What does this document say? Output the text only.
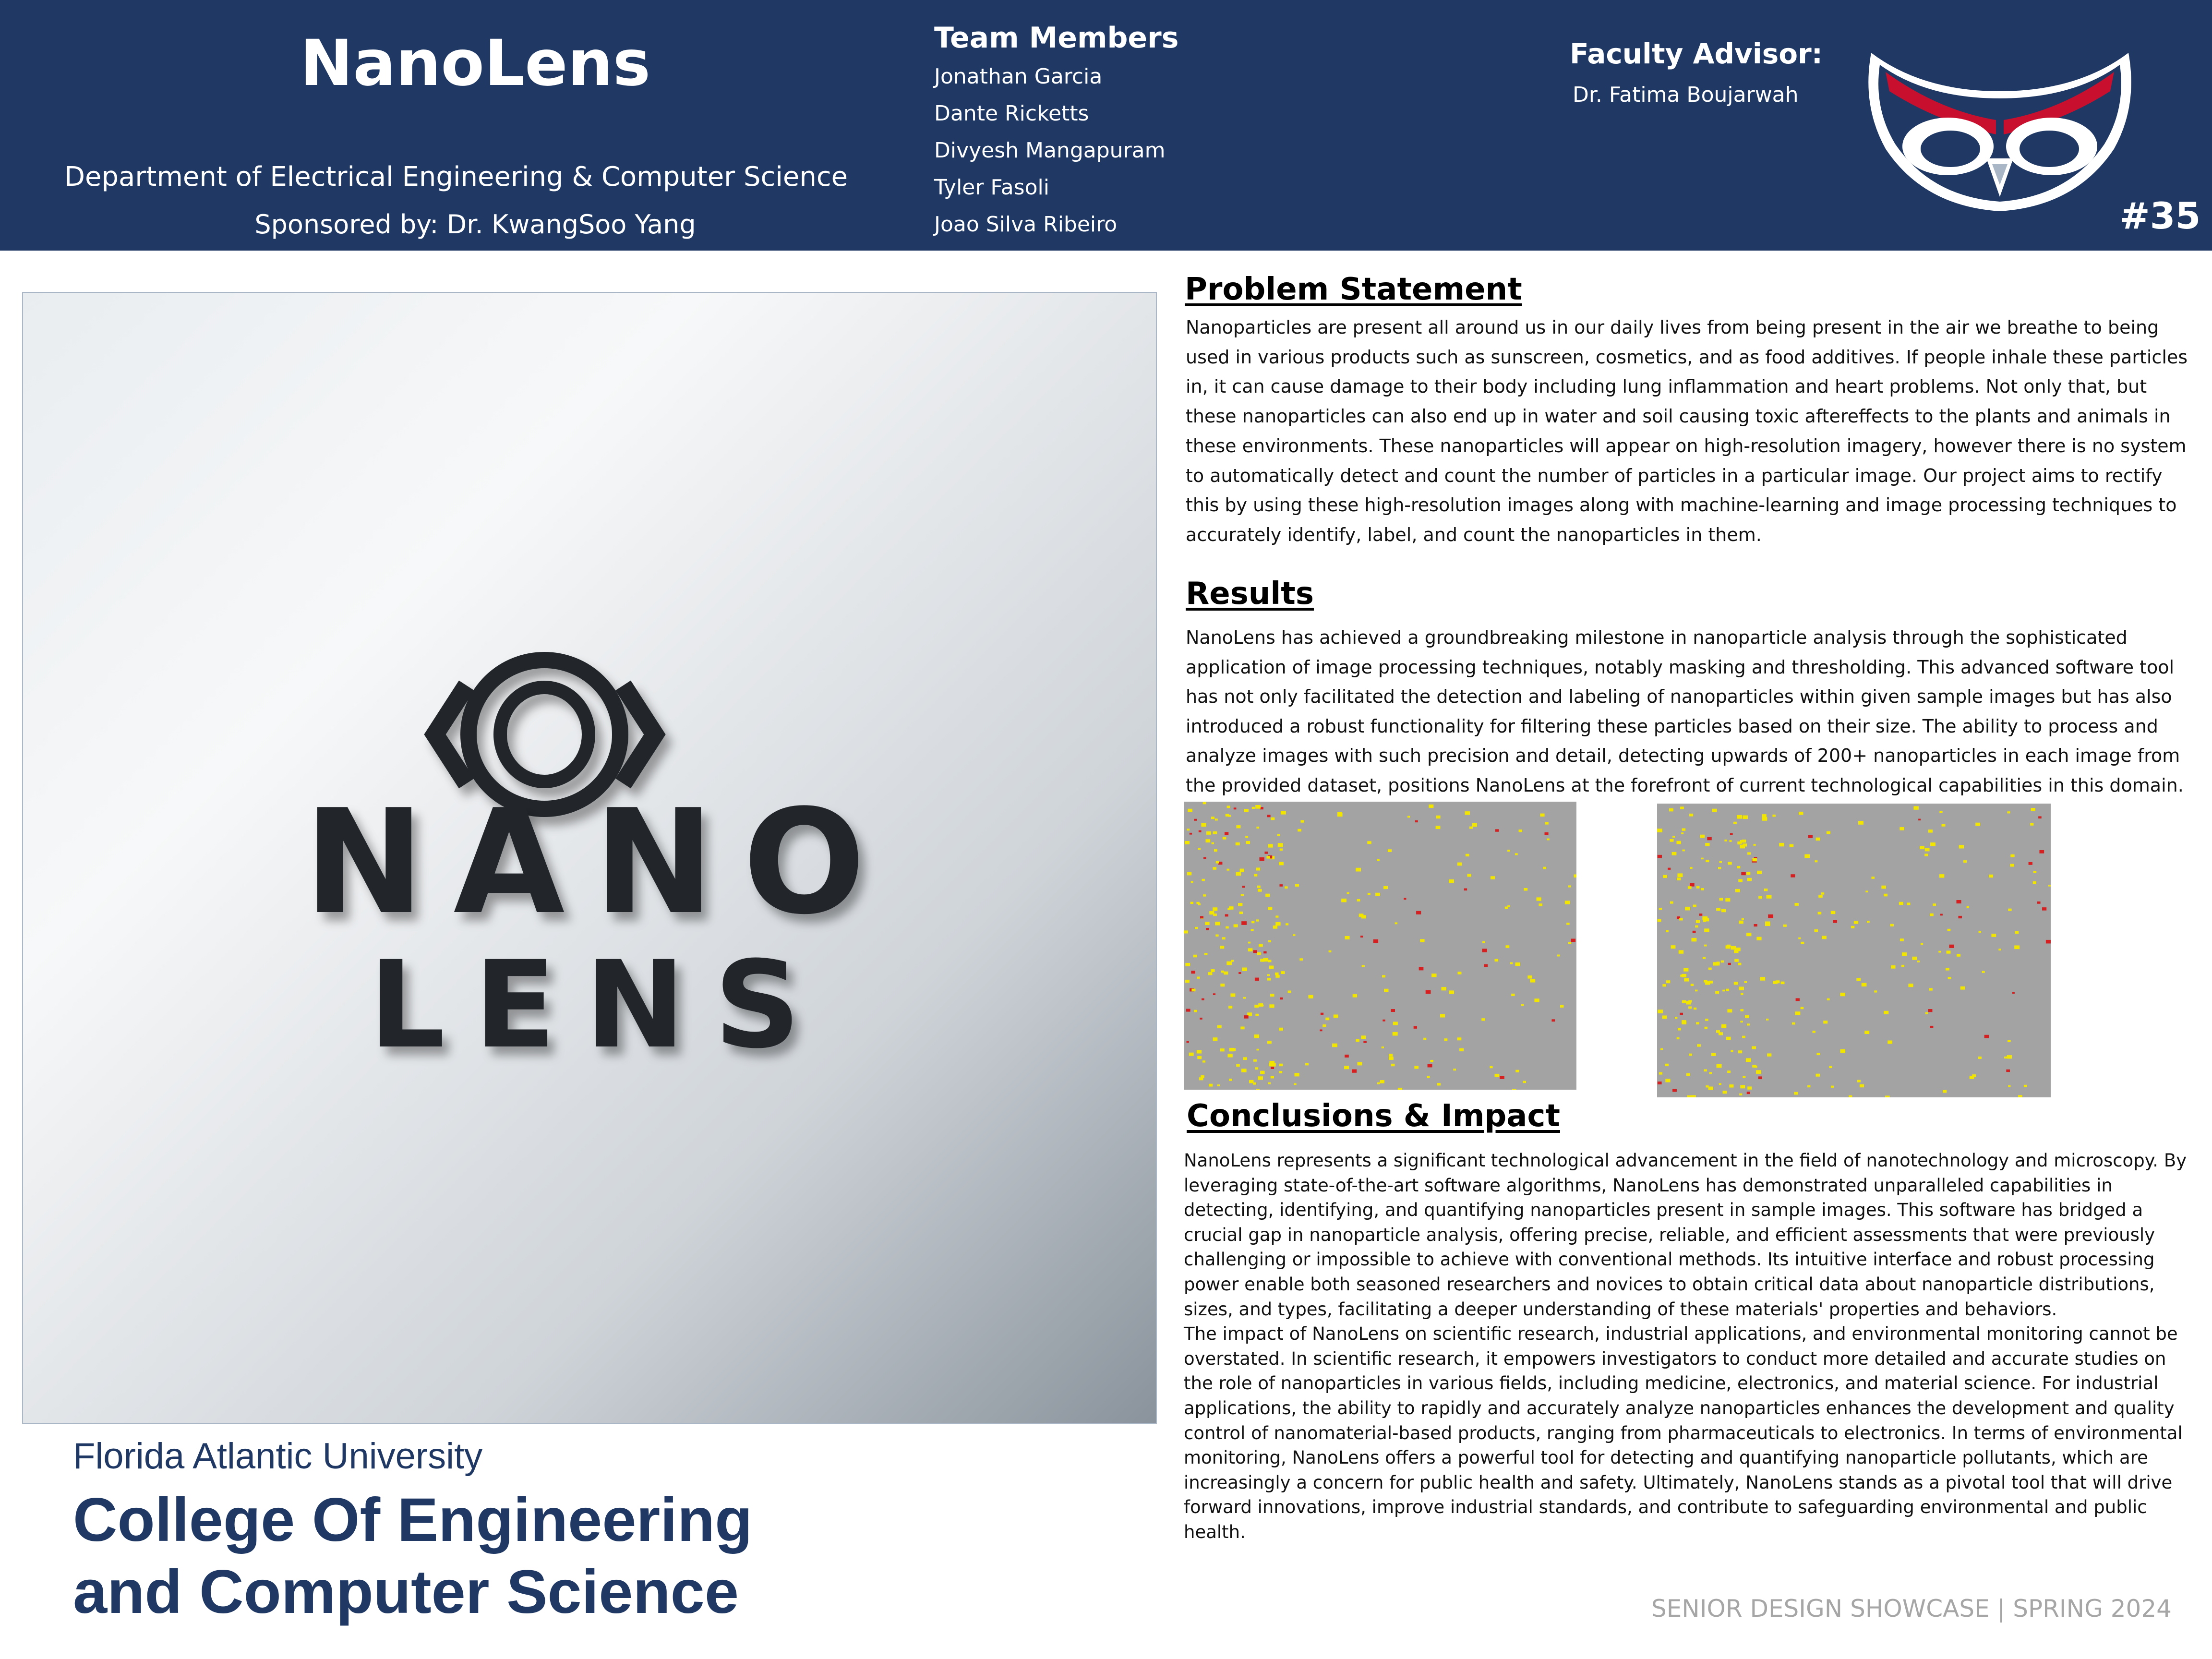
NanoLens
Department of Electrical Engineering & Computer Science
Sponsored by: Dr. KwangSoo Yang
Team Members
Jonathan Garcia
Dante Ricketts
Divyesh Mangapuram
Tyler Fasoli
Joao Silva Ribeiro
Faculty Advisor:
Dr. Fatima Boujarwah
#35
NANO
LENS
Florida Atlantic University
College Of Engineering
and Computer Science
Problem Statement
Nanoparticles are present all around us in our daily lives from being present in the air we breathe to being used in various products such as sunscreen, cosmetics, and as food additives. If people inhale these particles in, it can cause damage to their body including lung inflammation and heart problems. Not only that, but these nanoparticles can also end up in water and soil causing toxic aftereffects to the plants and animals in these environments. These nanoparticles will appear on high-resolution imagery, however there is no system to automatically detect and count the number of particles in a particular image. Our project aims to rectify this by using these high-resolution images along with machine-learning and image processing techniques to accurately identify, label, and count the nanoparticles in them.
Results
NanoLens has achieved a groundbreaking milestone in nanoparticle analysis through the sophisticated application of image processing techniques, notably masking and thresholding. This advanced software tool has not only facilitated the detection and labeling of nanoparticles within given sample images but has also introduced a robust functionality for filtering these particles based on their size. The ability to process and analyze images with such precision and detail, detecting upwards of 200+ nanoparticles in each image from the provided dataset, positions NanoLens at the forefront of current technological capabilities in this domain.
Conclusions & Impact

NanoLens represents a significant technological advancement in the field of nanotechnology and microscopy. By leveraging state-of-the-art software algorithms, NanoLens has demonstrated unparalleled capabilities in detecting, identifying, and quantifying nanoparticles present in sample images. This software has bridged a crucial gap in nanoparticle analysis, offering precise, reliable, and efficient assessments that were previously challenging or impossible to achieve with conventional methods. Its intuitive interface and robust processing power enable both seasoned researchers and novices to obtain critical data about nanoparticle distributions, sizes, and types, facilitating a deeper understanding of these materials' properties and behaviors.

The impact of NanoLens on scientific research, industrial applications, and environmental monitoring cannot be overstated. In scientific research, it empowers investigators to conduct more detailed and accurate studies on the role of nanoparticles in various fields, including medicine, electronics, and material science. For industrial applications, the ability to rapidly and accurately analyze nanoparticles enhances the development and quality control of nanomaterial-based products, ranging from pharmaceuticals to electronics. In terms of environmental monitoring, NanoLens offers a powerful tool for detecting and quantifying nanoparticle pollutants, which are increasingly a concern for public health and safety. Ultimately, NanoLens stands as a pivotal tool that will drive forward innovations, improve industrial standards, and contribute to safeguarding environmental and public health.

SENIOR DESIGN SHOWCASE | SPRING 2024
